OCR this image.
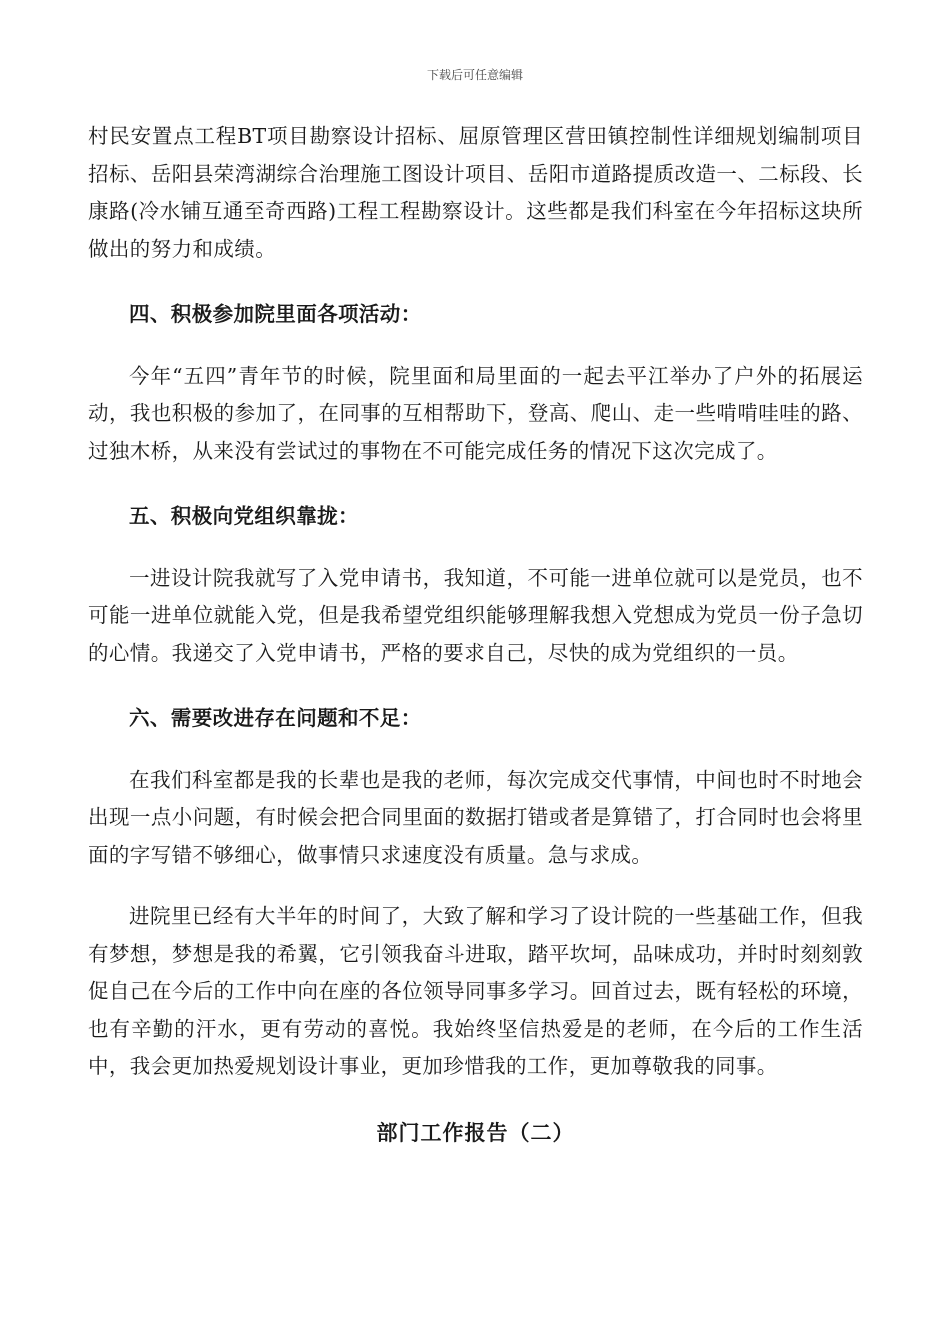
下载后可任意编辑

村民安置点工程BT项目勘察设计招标、屈原管理区营田镇控制性详细规划编制项目招标、岳阳县荣湾湖综合治理施工图设计项目、岳阳市道路提质改造一、二标段、长康路(冷水铺互通至奇西路)工程工程勘察设计。这些都是我们科室在今年招标这块所做出的努力和成绩。

四、积极参加院里面各项活动：

今年“五四”青年节的时候，院里面和局里面的一起去平江举办了户外的拓展运动，我也积极的参加了，在同事的互相帮助下，登高、爬山、走一些啃啃哇哇的路、过独木桥，从来没有尝试过的事物在不可能完成任务的情况下这次完成了。

五、积极向党组织靠拢：

一进设计院我就写了入党申请书，我知道，不可能一进单位就可以是党员，也不可能一进单位就能入党，但是我希望党组织能够理解我想入党想成为党员一份子急切的心情。我递交了入党申请书，严格的要求自己，尽快的成为党组织的一员。

六、需要改进存在问题和不足：

在我们科室都是我的长辈也是我的老师，每次完成交代事情，中间也时不时地会出现一点小问题，有时候会把合同里面的数据打错或者是算错了，打合同时也会将里面的字写错不够细心，做事情只求速度没有质量。急与求成。

进院里已经有大半年的时间了，大致了解和学习了设计院的一些基础工作，但我有梦想，梦想是我的希翼，它引领我奋斗进取，踏平坎坷，品味成功，并时时刻刻敦促自己在今后的工作中向在座的各位领导同事多学习。回首过去，既有轻松的环境，也有辛勤的汗水，更有劳动的喜悦。我始终坚信热爱是的老师，在今后的工作生活中，我会更加热爱规划设计事业，更加珍惜我的工作，更加尊敬我的同事。

部门工作报告（二）
